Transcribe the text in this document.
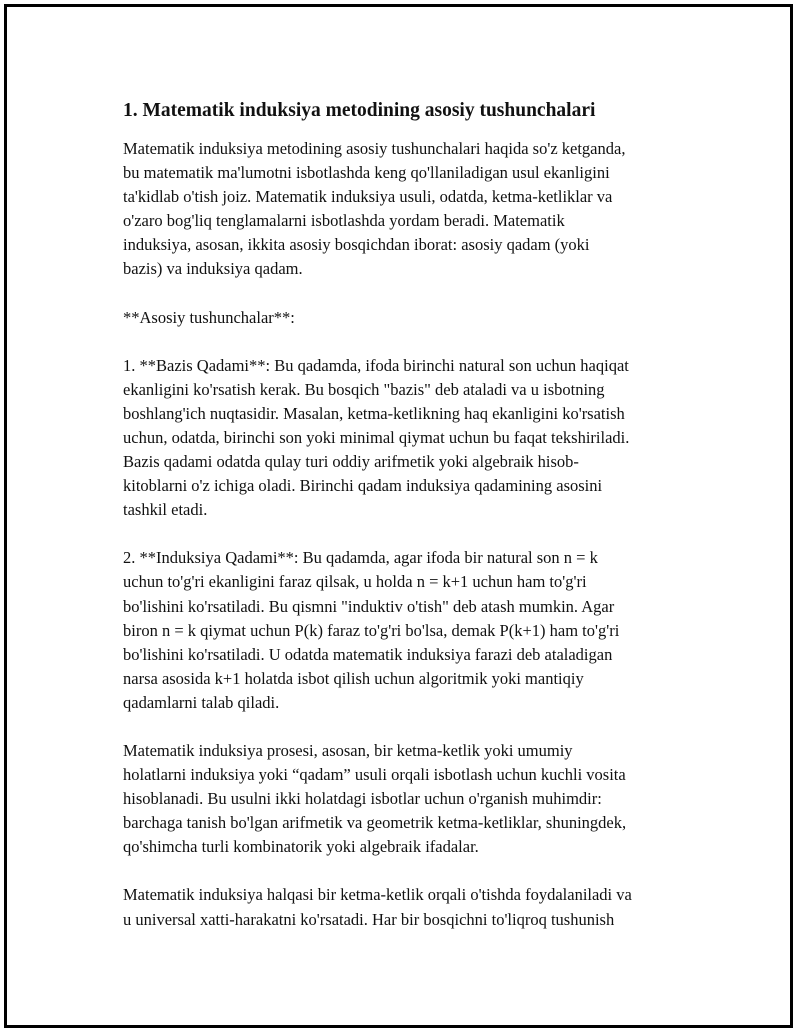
1. Matematik induksiya metodining asosiy tushunchalari

Matematik induksiya metodining asosiy tushunchalari haqida so'z ketganda,
bu matematik ma'lumotni isbotlashda keng qo'llaniladigan usul ekanligini
ta'kidlab o'tish joiz. Matematik induksiya usuli, odatda, ketma-ketliklar va
o'zaro bog'liq tenglamalarni isbotlashda yordam beradi. Matematik
induksiya, asosan, ikkita asosiy bosqichdan iborat: asosiy qadam (yoki
bazis) va induksiya qadam.

**Asosiy tushunchalar**:

1. **Bazis Qadami**: Bu qadamda, ifoda birinchi natural son uchun haqiqat
ekanligini ko'rsatish kerak. Bu bosqich "bazis" deb ataladi va u isbotning
boshlang'ich nuqtasidir. Masalan, ketma-ketlikning haq ekanligini ko'rsatish
uchun, odatda, birinchi son yoki minimal qiymat uchun bu faqat tekshiriladi.
Bazis qadami odatda qulay turi oddiy arifmetik yoki algebraik hisob-
kitoblarni o'z ichiga oladi. Birinchi qadam induksiya qadamining asosini
tashkil etadi.

2. **Induksiya Qadami**: Bu qadamda, agar ifoda bir natural son n = k
uchun to'g'ri ekanligini faraz qilsak, u holda n = k+1 uchun ham to'g'ri
bo'lishini ko'rsatiladi. Bu qismni "induktiv o'tish" deb atash mumkin. Agar
biron n = k qiymat uchun P(k) faraz to'g'ri bo'lsa, demak P(k+1) ham to'g'ri
bo'lishini ko'rsatiladi. U odatda matematik induksiya farazi deb ataladigan
narsa asosida k+1 holatda isbot qilish uchun algoritmik yoki mantiqiy
qadamlarni talab qiladi.

Matematik induksiya prosesi, asosan, bir ketma-ketlik yoki umumiy
holatlarni induksiya yoki “qadam” usuli orqali isbotlash uchun kuchli vosita
hisoblanadi. Bu usulni ikki holatdagi isbotlar uchun o'rganish muhimdir:
barchaga tanish bo'lgan arifmetik va geometrik ketma-ketliklar, shuningdek,
qo'shimcha turli kombinatorik yoki algebraik ifadalar.

Matematik induksiya halqasi bir ketma-ketlik orqali o'tishda foydalaniladi va
u universal xatti-harakatni ko'rsatadi. Har bir bosqichni to'liqroq tushunish
